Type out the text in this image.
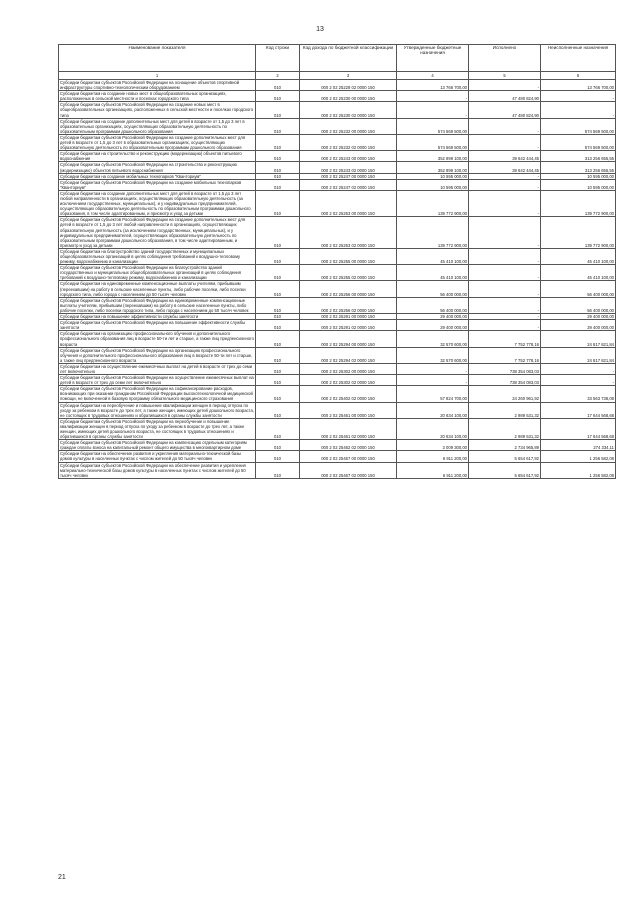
13
Наименование показателя	Код строки	Код дохода по бюджетной классификации	Утвержденные бюджетные назначения	Исполнено	Неисполненные назначения
1	2	3	4	5	6
Субсидии бюджетам субъектов Российской Федерации на оснащение объектов спортивной инфраструктуры спортивно-технологическим оборудованием	010	000 2 02 25228 02 0000 150	13 766 700,00	-	13 766 700,00
Субсидии бюджетам на создание новых мест в общеобразовательных организациях, расположенных в сельской местности и поселках городского типа	010	000 2 02 25230 00 0000 150	-	47 480 824,90	-
Субсидии бюджетам субъектов Российской Федерации на создание новых мест в общеобразовательных организациях, расположенных в сельской местности и поселках городского типа	010	000 2 02 25230 02 0000 150	-	47 480 824,90	-
Субсидии бюджетам на создание дополнительных мест для детей в возрасте от 1,5 до 3 лет в образовательных организациях, осуществляющих образовательную деятельность по образовательным программам дошкольного образования	010	000 2 02 25232 00 0000 150	574 569 500,00	-	574 569 500,00
Субсидии бюджетам субъектов Российской Федерации на создание дополнительных мест для детей в возрасте от 1,5 до 3 лет в образовательных организациях, осуществляющих образовательную деятельность по образовательным программам дошкольного образования	010	000 2 02 25232 02 0000 150	574 569 500,00	-	574 569 500,00
Субсидии бюджетам на строительство и реконструкцию (модернизацию) объектов питьевого водоснабжения	010	000 2 02 25243 00 0000 150	352 899 100,00	39 642 444,45	313 256 655,55
Субсидии бюджетам субъектов Российской Федерации на строительство и реконструкцию (модернизацию) объектов питьевого водоснабжения	010	000 2 02 25243 02 0000 150	352 899 100,00	39 642 444,45	313 256 655,55
Субсидии бюджетам на создание мобильных технопарков "Кванториум"	010	000 2 02 25247 00 0000 150	10 595 000,00	-	10 595 000,00
Субсидии бюджетам субъектов Российской Федерации на создание мобильных технопарков "Кванториум"	010	000 2 02 25247 02 0000 150	10 595 000,00	-	10 595 000,00
Субсидии бюджетам на создание дополнительных мест для детей в возрасте от 1,5 до 3 лет любой направленности в организациях, осуществляющих образовательную деятельность (за исключением государственных, муниципальных), и у индивидуальных предпринимателей, осуществляющих образовательную деятельность по образовательным программам дошкольного образования, в том числе адаптированным, и присмотр и уход за детьми	010	000 2 02 25253 00 0000 150	139 772 900,00	-	139 772 900,00
Субсидии бюджетам субъектов Российской Федерации на создание дополнительных мест для детей в возрасте от 1,5 до 3 лет любой направленности в организациях, осуществляющих образовательную деятельность (за исключением государственных, муниципальных), и у индивидуальных предпринимателей, осуществляющих образовательную деятельность по образовательным программам дошкольного образования, в том числе адаптированным, и присмотр и уход за детьми	010	000 2 02 25253 02 0000 150	139 772 900,00	-	139 772 900,00
Субсидии бюджетам на благоустройство зданий государственных и муниципальных общеобразовательных организаций в целях соблюдения требований к воздушно-тепловому режиму, водоснабжению и канализации	010	000 2 02 25255 00 0000 150	45 410 100,00	-	45 410 100,00
Субсидии бюджетам субъектов Российской Федерации на благоустройство зданий государственных и муниципальных общеобразовательных организаций в целях соблюдения требований к воздушно-тепловому режиму, водоснабжению и канализации	010	000 2 02 25255 02 0000 150	45 410 100,00	-	45 410 100,00
Субсидии бюджетам на единовременные компенсационные выплаты учителям, прибывшим (переехавшим) на работу в сельские населенные пункты, либо рабочие поселки, либо поселки городского типа, либо города с населением до 50 тысяч человек	010	000 2 02 25256 00 0000 150	56 400 000,00	-	56 400 000,00
Субсидии бюджетам субъектов Российской Федерации на единовременные компенсационные выплаты учителям, прибывшим (переехавшим) на работу в сельские населенные пункты, либо рабочие поселки, либо поселки городского типа, либо города с населением до 50 тысяч человек	010	000 2 02 25256 02 0000 150	56 400 000,00	-	56 400 000,00
Субсидии бюджетам на повышение эффективности службы занятости	010	000 2 02 25291 00 0000 150	29 400 000,00	-	29 400 000,00
Субсидии бюджетам субъектов Российской Федерации на повышение эффективности службы занятости	010	000 2 02 25291 02 0000 150	29 400 000,00	-	29 400 000,00
Субсидии бюджетам на организацию профессионального обучения и дополнительного профессионального образования лиц в возрасте 50-ти лет и старше, а также лиц предпенсионного возраста	010	000 2 02 25294 00 0000 150	32 570 600,00	7 752 778,16	24 817 821,84
Субсидии бюджетам субъектов Российской Федерации на организацию профессионального обучения и дополнительного профессионального образования лиц в возрасте 50-ти лет и старше, а также лиц предпенсионного возраста	010	000 2 02 25294 02 0000 150	32 570 600,00	7 752 778,16	24 817 821,84
Субсидии бюджетам на осуществление ежемесячных выплат на детей в возрасте от трех до семи лет включительно	010	000 2 02 25302 00 0000 150	-	738 354 083,03	-
Субсидии бюджетам субъектов Российской Федерации на осуществление ежемесячных выплат на детей в возрасте от трех до семи лет включительно	010	000 2 02 25302 02 0000 150	-	738 354 083,03	-
Субсидии бюджетам субъектов Российской Федерации на софинансирование расходов, возникающих при оказании гражданам Российской Федерации высокотехнологичной медицинской помощи, не включенной в базовую программу обязательного медицинского страхования	010	000 2 02 25402 02 0000 150	57 824 700,00	24 260 961,92	33 563 738,08
Субсидии бюджетам на переобучение и повышение квалификации женщин в период отпуска по уходу за ребенком в возрасте до трех лет, а также женщин, имеющих детей дошкольного возраста, не состоящих в трудовых отношениях и обратившихся в органы службы занятости	010	000 2 02 25461 00 0000 150	20 634 100,00	2 989 531,32	17 644 568,68
Субсидии бюджетам субъектов Российской Федерации на переобучение и повышение квалификации женщин в период отпуска по уходу за ребенком в возрасте до трех лет, а также женщин, имеющих детей дошкольного возраста, не состоящих в трудовых отношениях и обратившихся в органы службы занятости	010	000 2 02 25461 02 0000 150	20 634 100,00	2 989 531,32	17 644 568,68
Субсидии бюджетам субъектов Российской Федерации на компенсацию отдельным категориям граждан оплаты взноса на капитальный ремонт общего имущества в многоквартирном доме	010	000 2 02 25462 02 0000 150	3 009 300,00	2 734 965,89	274 334,11
Субсидии бюджетам на обеспечение развития и укрепления материально-технической базы домов культуры в населенных пунктах с числом жителей до 50 тысяч человек	010	000 2 02 25467 00 0000 150	6 911 200,00	5 654 617,92	1 256 582,08
Субсидии бюджетам субъектов Российской Федерации на обеспечение развития и укрепления материально-технической базы домов культуры в населенных пунктах с числом жителей до 50 тысяч человек	010	000 2 02 25467 02 0000 150	6 911 200,00	5 654 617,92	1 256 582,08
21
